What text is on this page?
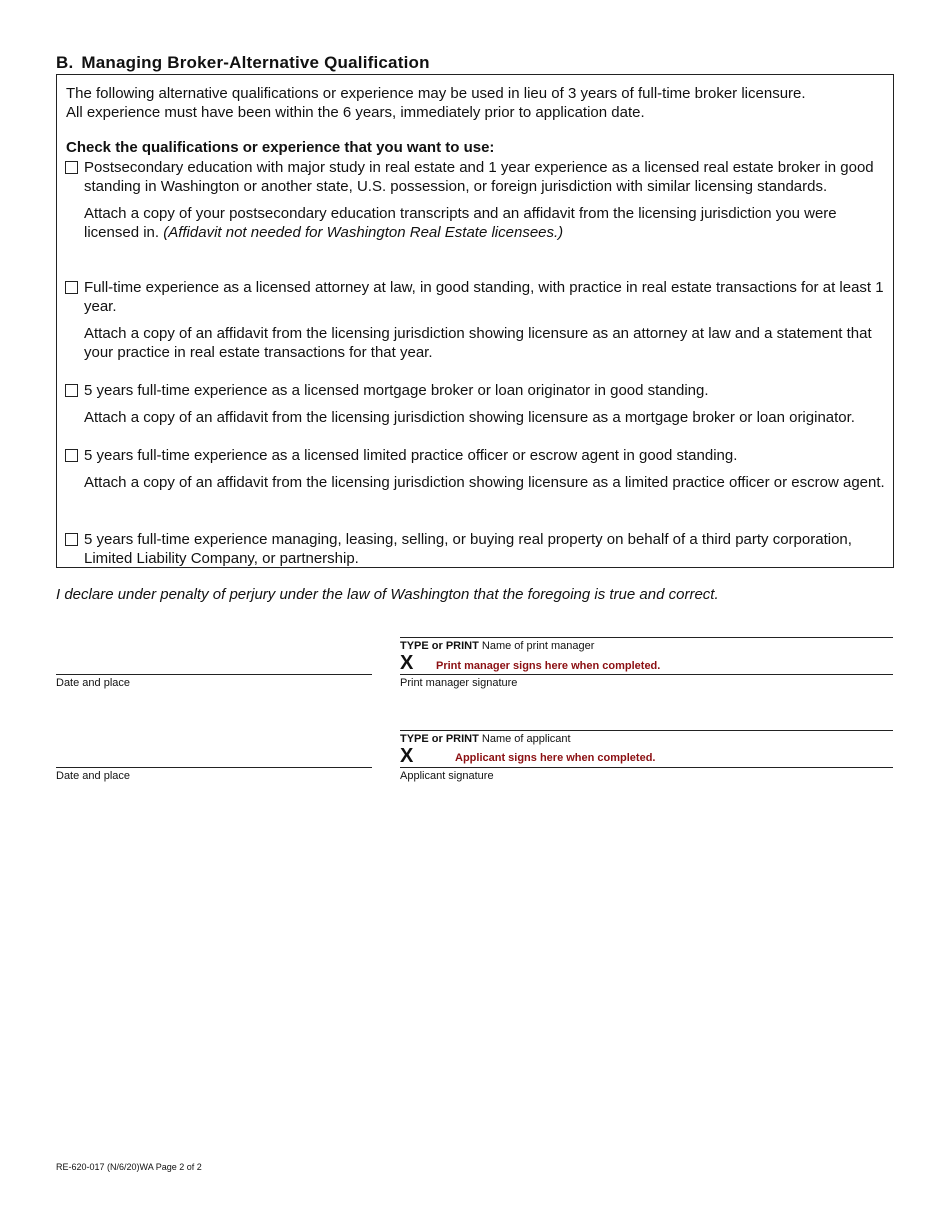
B. Managing Broker-Alternative Qualification
The following alternative qualifications or experience may be used in lieu of 3 years of full-time broker licensure.
All experience must have been within the 6 years, immediately prior to application date.
Check the qualifications or experience that you want to use:
Postsecondary education with major study in real estate and 1 year experience as a licensed real estate broker in good standing in Washington or another state, U.S. possession, or foreign jurisdiction with similar licensing standards.
Attach a copy of your postsecondary education transcripts and an affidavit from the licensing jurisdiction you were licensed in. (Affidavit not needed for Washington Real Estate licensees.)
Full-time experience as a licensed attorney at law, in good standing, with practice in real estate transactions for at least 1 year.
Attach a copy of an affidavit from the licensing jurisdiction showing licensure as an attorney at law and a statement that your practice in real estate transactions for that year.
5 years full-time experience as a licensed mortgage broker or loan originator in good standing.
Attach a copy of an affidavit from the licensing jurisdiction showing licensure as a mortgage broker or loan originator.
5 years full-time experience as a licensed limited practice officer or escrow agent in good standing.
Attach a copy of an affidavit from the licensing jurisdiction showing licensure as a limited practice officer or escrow agent.
5 years full-time experience managing, leasing, selling, or buying real property on behalf of a third party corporation, Limited Liability Company, or partnership.
I declare under penalty of perjury under the law of Washington that the foregoing is true and correct.
TYPE or PRINT Name of print manager
X Print manager signs here when completed.
Date and place	Print manager signature
TYPE or PRINT Name of applicant
X	Applicant signs here when completed.
Date and place	Applicant signature
RE-620-017 (N/6/20)WA Page 2 of 2
